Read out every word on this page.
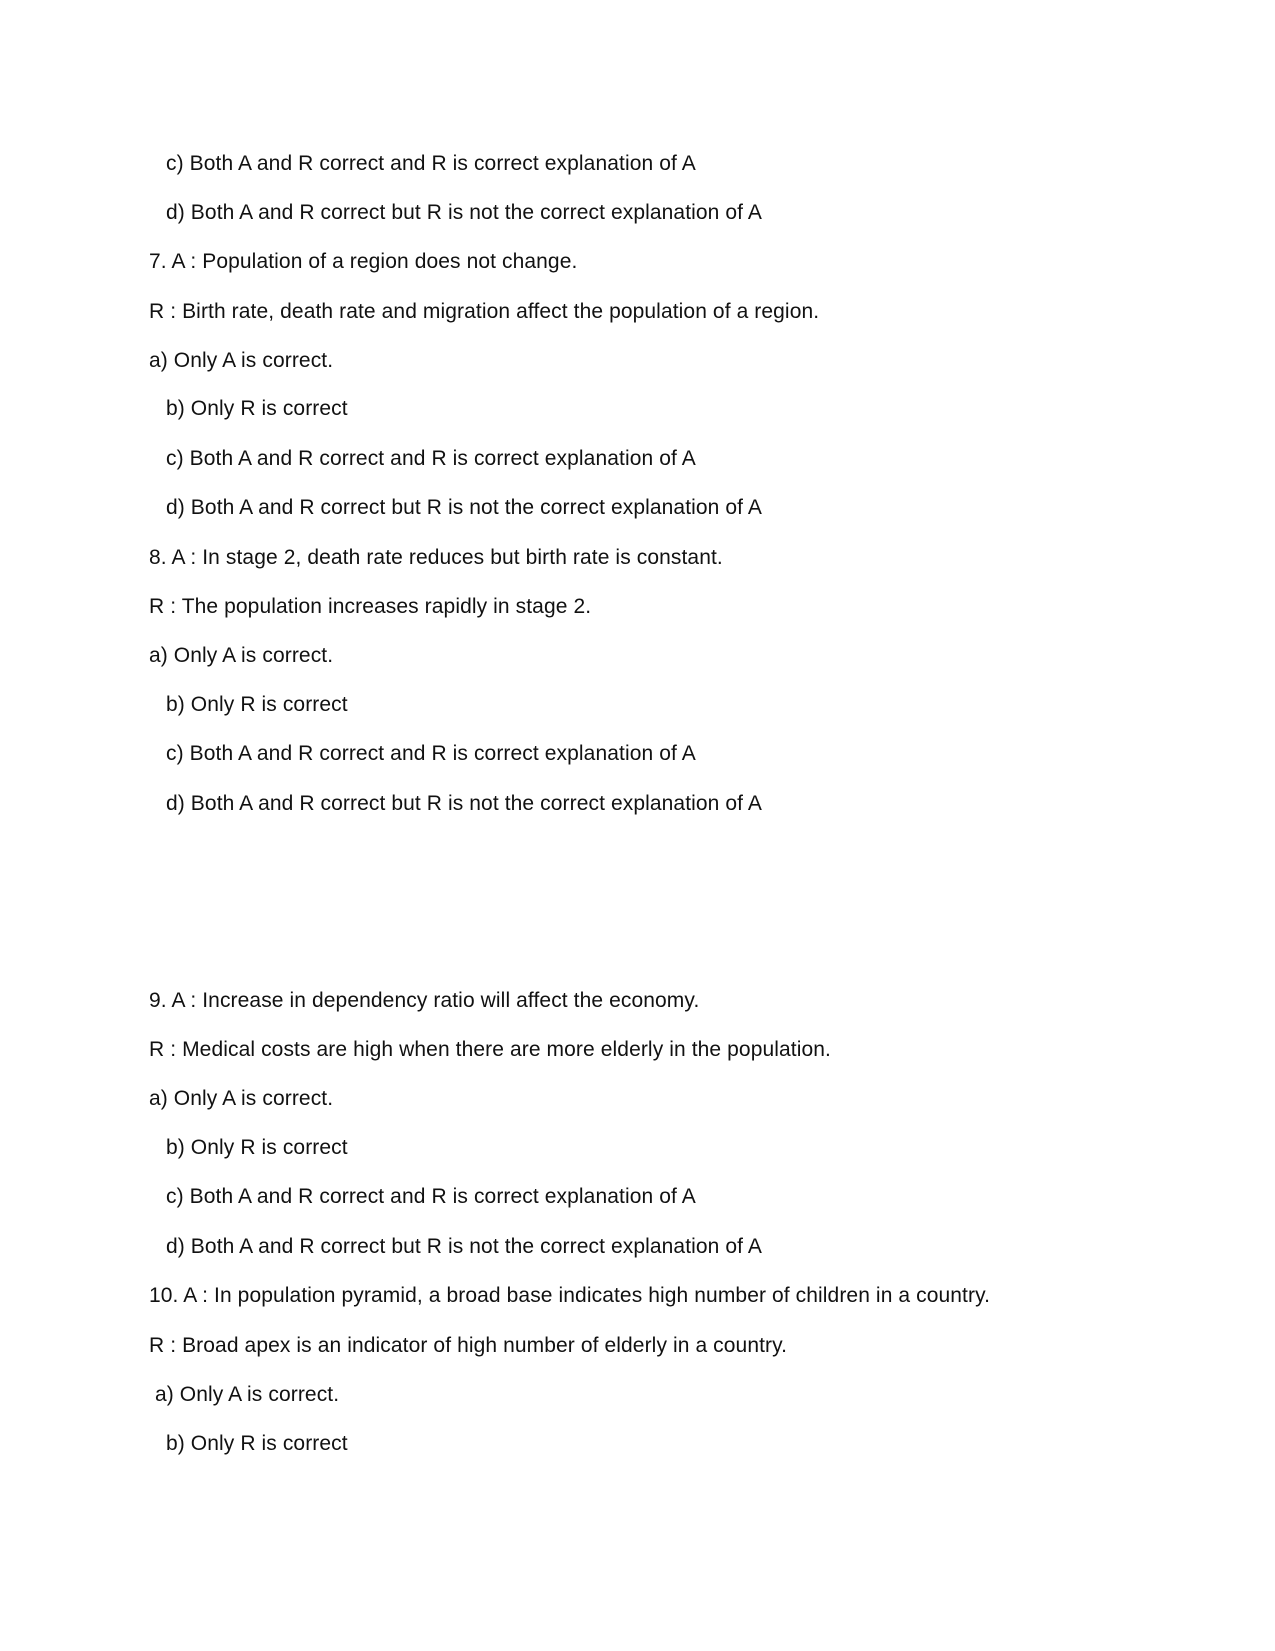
c) Both A and R correct and R is correct explanation of A
d) Both A and R correct but R is not the correct explanation of A
7. A : Population of a region does not change.
R : Birth rate, death rate and migration affect the population of a region.
a) Only A is correct.
b) Only R is correct
c) Both A and R correct and R is correct explanation of A
d) Both A and R correct but R is not the correct explanation of A
8. A : In stage 2, death rate reduces but birth rate is constant.
R : The population increases rapidly in stage 2.
a) Only A is correct.
b) Only R is correct
c) Both A and R correct and R is correct explanation of A
d) Both A and R correct but R is not the correct explanation of A
9. A : Increase in dependency ratio will affect the economy.
R : Medical costs are high when there are more elderly in the population.
a) Only A is correct.
b) Only R is correct
c) Both A and R correct and R is correct explanation of A
d) Both A and R correct but R is not the correct explanation of A
10. A : In population pyramid, a broad base indicates high number of children in a country.
R : Broad apex is an indicator of high number of elderly in a country.
a) Only A is correct.
b) Only R is correct
